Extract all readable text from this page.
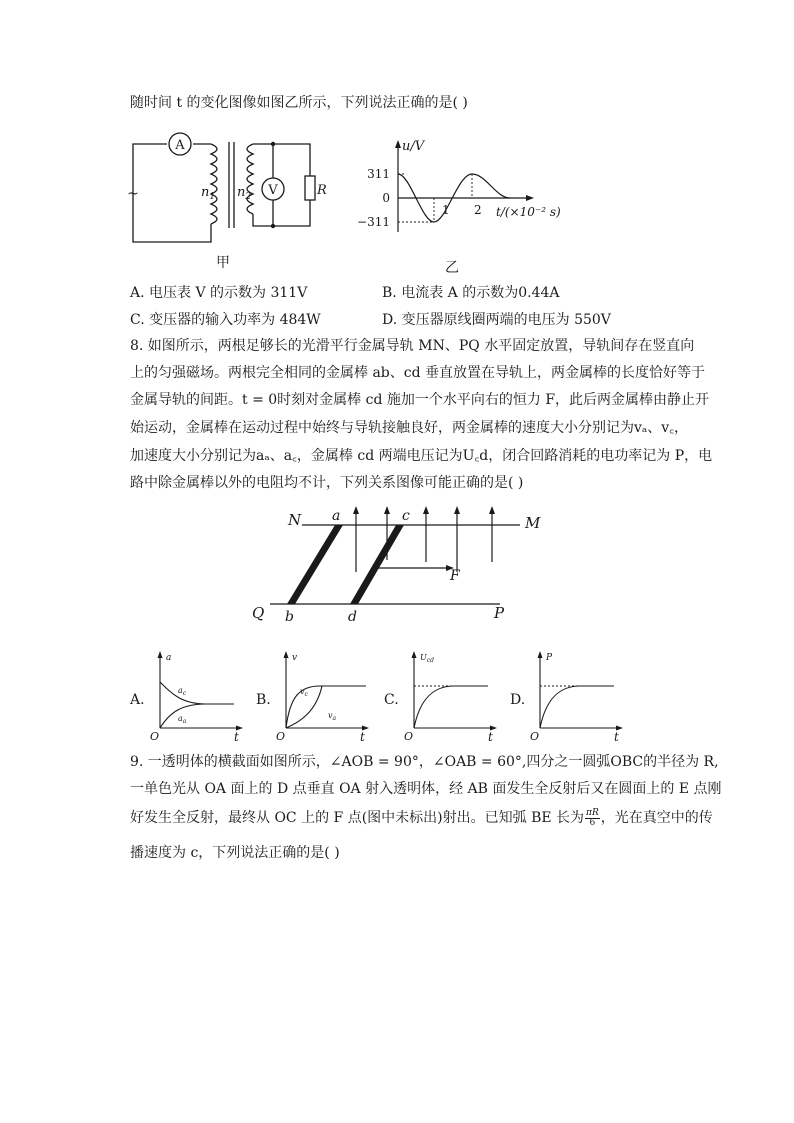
随时间 t 的变化图像如图乙所示，下列说法正确的是( )
A
V
~	$n_1$ $n_2$	R
甲
u/V
311
0
−311
1 2 t/(×10⁻² s)
乙
A. 电压表 V 的示数为 311V	B. 电流表 A 的示数为0.44A
C. 变压器的输入功率为 484W	D. 变压器原线圈两端的电压为 550V
8. 如图所示，两根足够长的光滑平行金属导轨 MN、PQ 水平固定放置，导轨间存在竖直向
上的匀强磁场。两根完全相同的金属棒 ab、cd 垂直放置在导轨上，两金属棒的长度恰好等于
金属导轨的间距。t = 0时刻对金属棒 cd 施加一个水平向右的恒力 F，此后两金属棒由静止开
始运动，金属棒在运动过程中始终与导轨接触良好，两金属棒的速度大小分别记为vₐ、v꜀，
加速度大小分别记为aₐ、a꜀，金属棒 cd 两端电压记为U꜀d，闭合回路消耗的电功率记为 P，电
路中除金属棒以外的电阻均不计，下列关系图像可能正确的是( )
N	M
Q	P
a
b
c
d
F
A.
a
$a_c$
$a_a$
O	t
B.
v
$v_c$
$v_a$
O	t
C.
$U_{cd}$
O	t
D.
P
O	t
9. 一透明体的横截面如图所示，∠AOB = 90°，∠OAB = 60°,四分之一圆弧OBC的半径为 R,
一单色光从 OA 面上的 D 点垂直 OA 射入透明体，经 AB 面发生全反射后又在圆面上的 E 点刚
好发生全反射，最终从 OC 上的 F 点(图中未标出)射出。已知弧 BE 长为 $\frac{\pi R}{6}$ ，光在真空中的传
播速度为 c，下列说法正确的是( )
